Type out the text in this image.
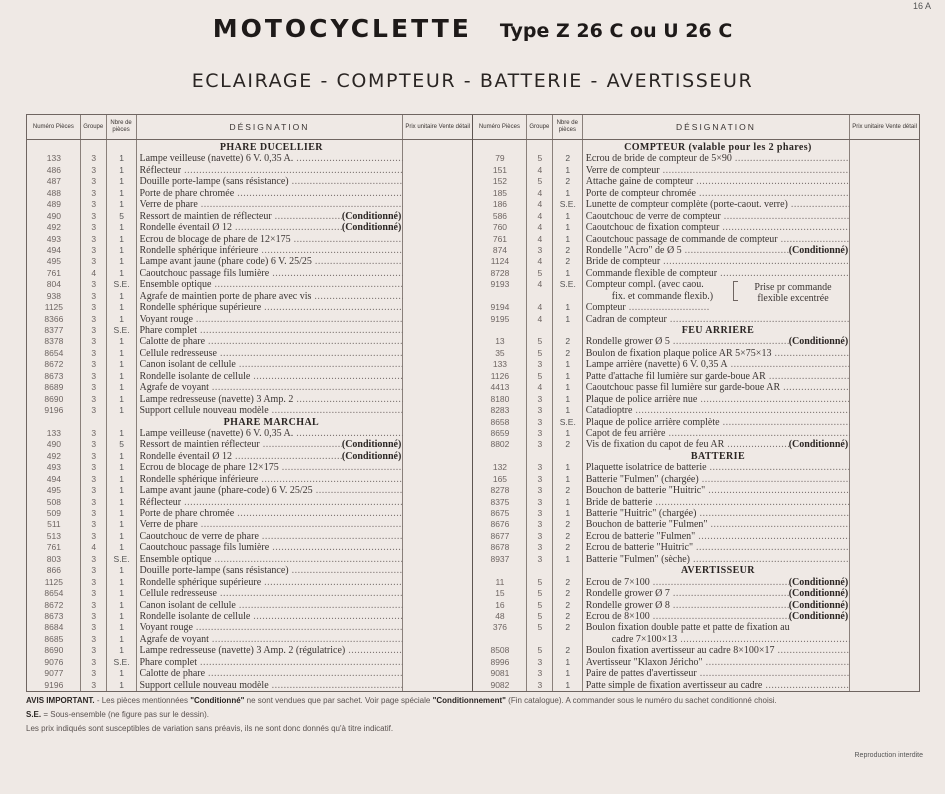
16 A
MOTOCYCLETTE Type Z 26 C ou U 26 C
ECLAIRAGE - COMPTEUR - BATTERIE - AVERTISSEUR
Numéro Pièces	Groupe
Nbre de pièces	DÉSIGNATION	Prix unitaire Vente détail
PHARE DUCELLIER
133	3	1	Lampe veilleuse (navette) 6 V. 0,35 A. .....
486	3	1	Réflecteur .....
487	3	1	Douille porte-lampe (sans résistance) .....
488	3	1	Porte de phare chromée .....
489	3	1	Verre de phare .....
490	3	5	Ressort de maintien de réflecteur .....	(Conditionné)
492	3	1	Rondelle éventail Ø 12 .....	(Conditionné)
493	3	1	Ecrou de blocage de phare de 12×175 .....
494	3	1	Rondelle sphérique inférieure .....
495	3	1	Lampe avant jaune (phare code) 6 V. 25/25 .....
761	4	1	Caoutchouc passage fils lumière .....
804	3	S.E. Ensemble optique .....
938	3	1	Agrafe de maintien porte de phare avec vis .....
1125	3	1	Rondelle sphérique supérieure .....
8366	3	1	Voyant rouge .....
8377	3	S.E. Phare complet .....
8378	3	1	Calotte de phare .....
8654	3	1	Cellule redresseuse .....
8672	3	1	Canon isolant de cellule .....
8673	3	1	Rondelle isolante de cellule .....
8689	3	1	Agrafe de voyant .....
8690	3	1	Lampe redresseuse (navette) 3 Amp. 2 .....
9196	3	1	Support cellule nouveau modèle .....
PHARE MARCHAL
133	3	1	Lampe veilleuse (navette) 6 V. 0,35 A. .....
490	3	5	Ressort de maintien réflecteur .....	(Conditionné)
492	3	1	Rondelle éventail Ø 12 .....	(Conditionné)
493	3	1	Ecrou de blocage de phare 12×175 .....
494	3	1	Rondelle sphérique inférieure .....
495	3	1	Lampe avant jaune (phare-code) 6 V. 25/25 .....
508	3	1	Réflecteur .....
509	3	1	Porte de phare chromée .....
511	3	1	Verre de phare .....
513	3	1	Caoutchouc de verre de phare .....
761	4	1	Caoutchouc passage fils lumière .....
803	3	S.E. Ensemble optique .....
866	3	1	Douille porte-lampe (sans résistance) .....
1125	3	1	Rondelle sphérique supérieure .....
8654	3	1	Cellule redresseuse .....
8672	3	1	Canon isolant de cellule .....
8673	3	1	Rondelle isolante de cellule .....
8684	3	1	Voyant rouge .....
8685	3	1	Agrafe de voyant .....
8690	3	1	Lampe redresseuse (navette) 3 Amp. 2 (régulatrice) .....
9076	3	S.E. Phare complet .....
9077	3	1	Calotte de phare .....
9196	3	1	Support cellule nouveau modèle .....
Numéro Pièces	Groupe
Nbre de pièces	DÉSIGNATION	Prix unitaire Vente détail
COMPTEUR (valable pour les 2 phares)
79	5	2	Ecrou de bride de compteur de 5×90 .....
151	4	1	Verre de compteur .....
152	5	2	Attache gaine de compteur .....
185	4	1	Porte de compteur chromée .....
186	4	S.E. Lunette de compteur complète (porte-caout. verre) .....
586	4	1	Caoutchouc de verre de compteur .....
760	4	1	Caoutchouc de fixation compteur .....
761	4	1	Caoutchouc passage de commande de compteur .....
874	3	2	Rondelle "Acro" de Ø 5 .....	(Conditionné)
1124	4	2	Bride de compteur .....
8728	5	1	Commande flexible de compteur .....
9193	4	S.E. Compteur compl. (avec caou.
fix. et commande flexib.)
9194	4	1	Compteur .....
9195	4	1	Cadran de compteur .....
FEU ARRIÈRE
13	5	2	Rondelle grower Ø 5 .....	(Conditionné)
35	5	2	Boulon de fixation plaque police AR 5×75×13 .....
133	3	1	Lampe arrière (navette) 6 V. 0,35 A .....
1126	5	1	Patte d'attache fil lumière sur garde-boue AR .....
4413	4	1	Caoutchouc passe fil lumière sur garde-boue AR .....
8180	3	1	Plaque de police arrière nue .....
8283	3	1	Catadioptre .....
8658	3	S.E. Plaque de police arrière complète .....
8659	3	1	Capot de feu arrière .....
8802	3	2	Vis de fixation du capot de feu AR .....	(Conditionné)
BATTERIE
132	3	1	Plaquette isolatrice de batterie .....
165	3	1	Batterie "Fulmen" (chargée) .....
8278	3	2	Bouchon de batterie "Huitric" .....
8375	3	1	Bride de batterie .....
8675	3	1	Batterie "Huitric" (chargée) .....
8676	3	2	Bouchon de batterie "Fulmen" .....
8677	3	2	Ecrou de batterie "Fulmen" .....
8678	3	2	Ecrou de batterie "Huitric" .....
8937	3	1	Batterie "Fulmen" (sèche) .....
AVERTISSEUR
11	5	2	Ecrou de 7×100 .....	(Conditionné)
15	5	2	Rondelle grower Ø 7 .....	(Conditionné)
16	5	2	Rondelle grower Ø 8 .....	(Conditionné)
48	5	2	Ecrou de 8×100 .....	(Conditionné)
376	5	2	Boulon fixation double patte et patte de fixation au
cadre 7×100×13 .....
8508	5	2	Boulon fixation avertisseur au cadre 8×100×17 .....
8996	3	1	Avertisseur "Klaxon Jéricho" .....
9081	3	1	Paire de pattes d'avertisseur .....
9082	3	1	Patte simple de fixation avertisseur au cadre .....
Prise pr commande
flexible excentrée
AVIS IMPORTANT. - Les pièces mentionnées "Conditionné" ne sont vendues que par sachet. Voir page spéciale "Conditionnement" (Fin catalogue). A commander sous le numéro du sachet conditionné choisi.
S.E. = Sous-ensemble (ne figure pas sur le dessin).
Les prix indiqués sont susceptibles de variation sans préavis, ils ne sont donc donnés qu'à titre indicatif.
Reproduction interdite
